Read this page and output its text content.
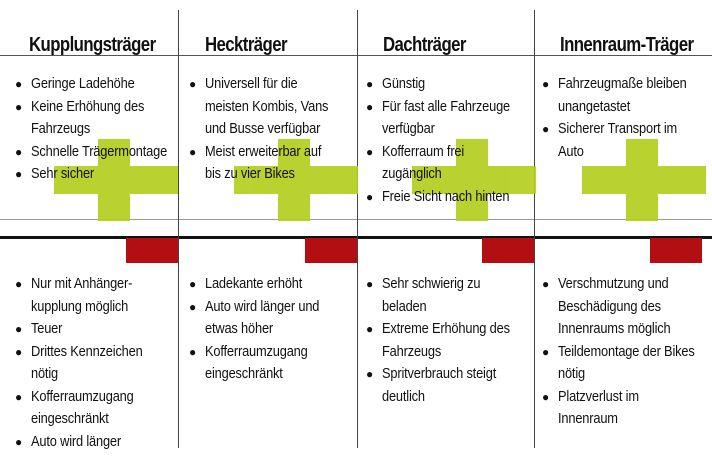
Kupplungsträger
● Geringe Ladehöhe
● Keine Erhöhung des Fahrzeugs
● Schnelle Trägermontage
● Sehr sicher
● Nur mit Anhänger-kupplung möglich
● Teuer
● Drittes Kennzeichen nötig
● Kofferraumzugang eingeschränkt
● Auto wird länger
Heckträger
● Universell für die meisten Kombis, Vans und Busse verfügbar
● Meist erweiterbar auf bis zu vier Bikes
● Ladekante erhöht
● Auto wird länger und etwas höher
● Kofferraumzugang eingeschränkt
Dachträger
● Günstig
● Für fast alle Fahrzeuge verfügbar
● Kofferraum frei zugänglich
● Freie Sicht nach hinten
● Sehr schwierig zu beladen
● Extreme Erhöhung des Fahrzeugs
● Spritverbrauch steigt deutlich
Innenraum-Träger
● Fahrzeugmaße bleiben unangetastet
● Sicherer Transport im Auto
● Verschmutzung und Beschädigung des Innenraums möglich
● Teildemontage der Bikes nötig
● Platzverlust im Innenraum
